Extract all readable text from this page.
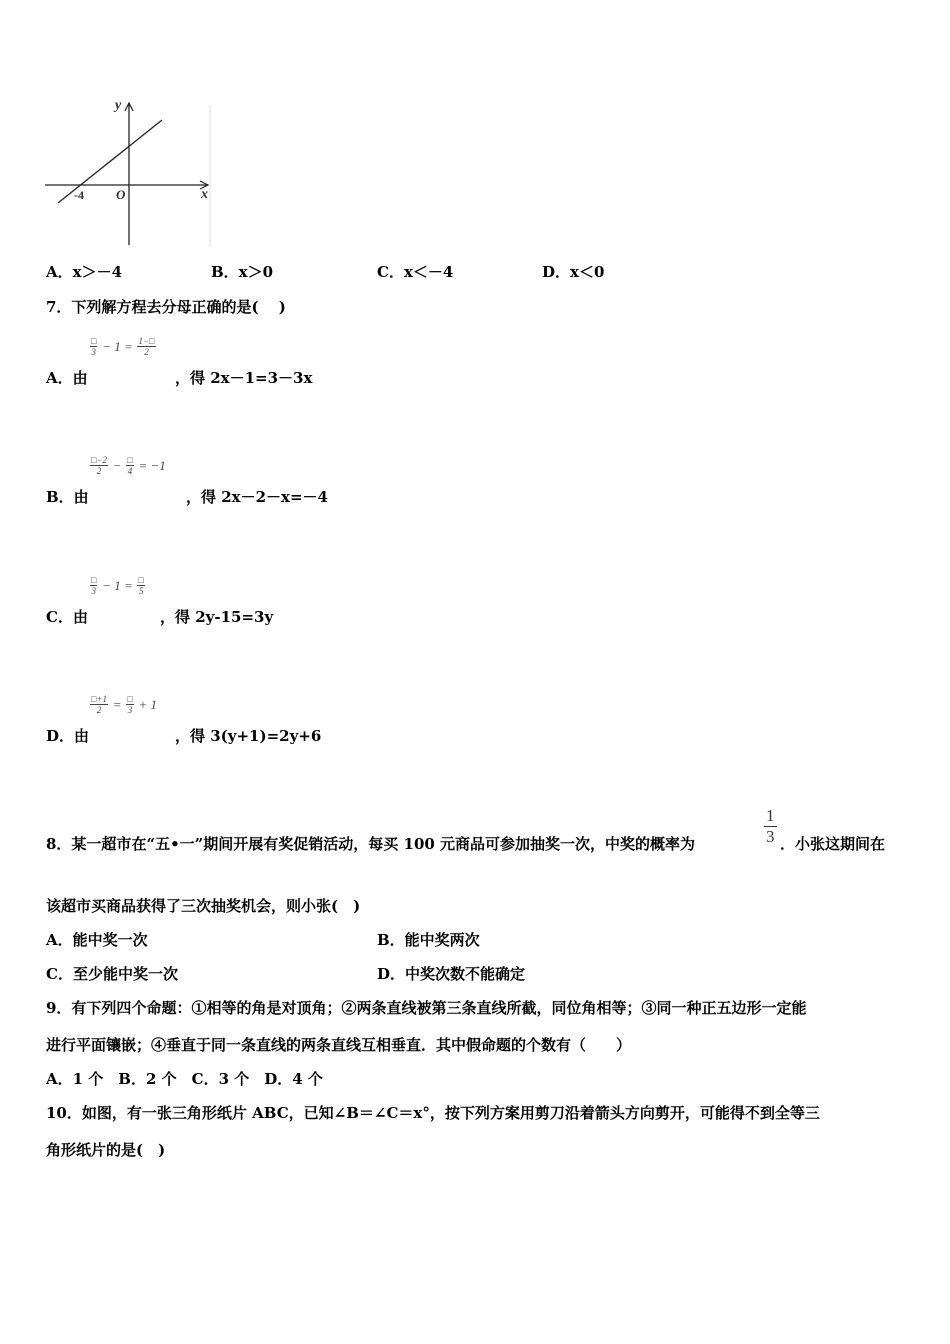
y
x
O
-4
A．x＞－4	B．x＞0	C．x＜－4	D．x＜0
7．下列解方程去分母正确的是(　 )
□
$3 - 1 = \frac{1-□}{2}$
A．由	，得 2x－1=3－3x
$\frac{□-2}{2}$ − □
4 = −1
B．由	，得 2x－2－x=－4
□
3 − 1 = □
5
C．由	，得 2y-15=3y
$\frac{□+1}{2}$ = □
3 + 1
D．由	，得 3(y+1)=2y+6
8．某一超市在“五•一”期间开展有奖促销活动，每买 100 元商品可参加抽奖一次，中奖的概率为	$\frac{1}{3}$ ．小张这期间在
该超市买商品获得了三次抽奖机会，则小张(　)
A．能中奖一次	B．能中奖两次
C．至少能中奖一次	D．中奖次数不能确定
9．有下列四个命题：①相等的角是对顶角；②两条直线被第三条直线所截，同位角相等；③同一种正五边形一定能
进行平面镶嵌；④垂直于同一条直线的两条直线互相垂直．其中假命题的个数有（　　）
A．1 个　B．2 个　C．3 个　D．4 个
10．如图，有一张三角形纸片 ABC，已知∠B＝∠C＝x°，按下列方案用剪刀沿着箭头方向剪开，可能得不到全等三
角形纸片的是(　)
